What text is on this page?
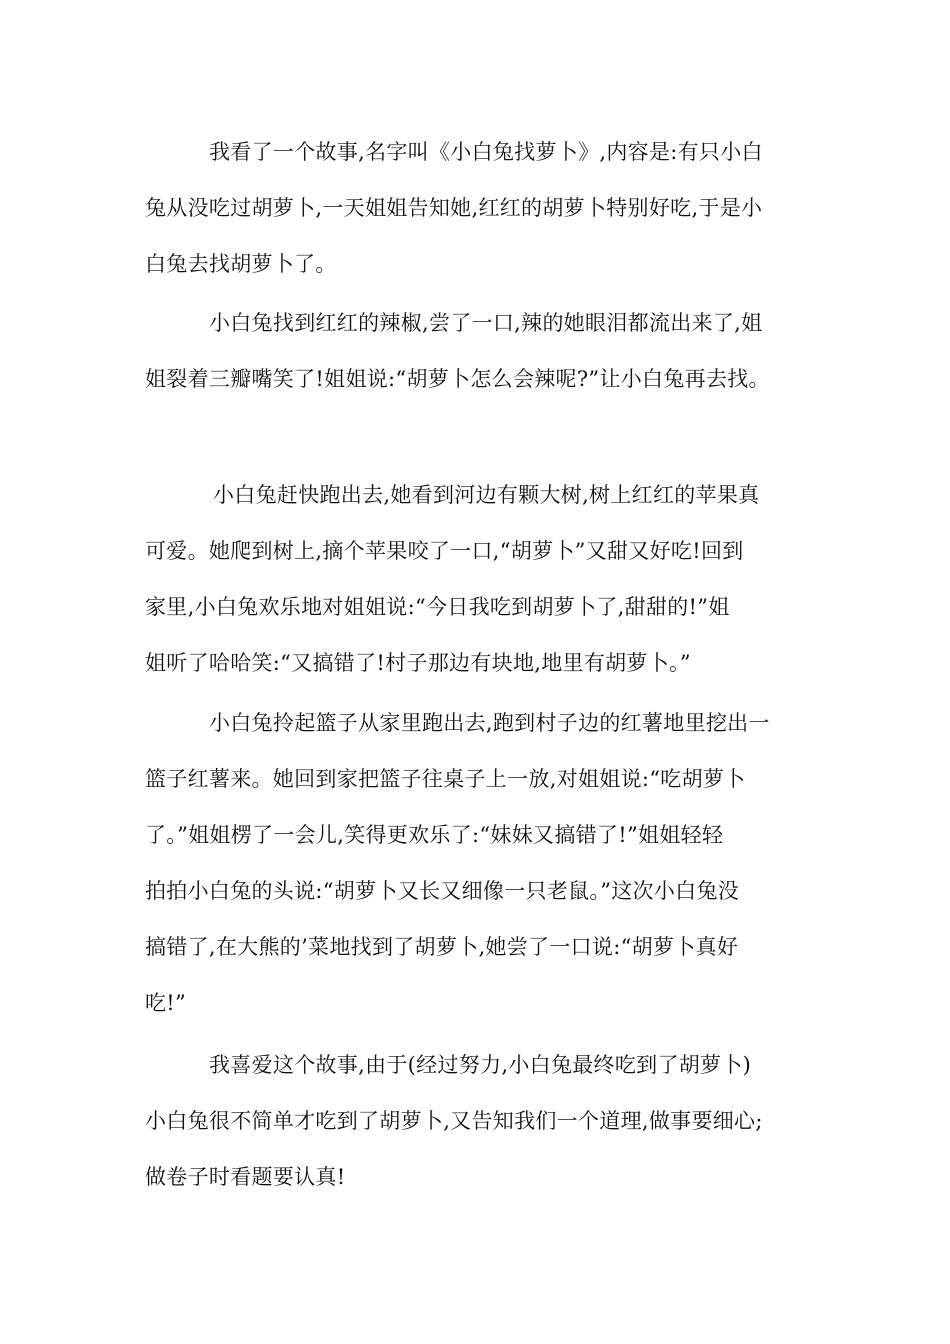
我看了一个故事,名字叫《小白兔找萝卜》,内容是:有只小白
兔从没吃过胡萝卜,一天姐姐告知她,红红的胡萝卜特别好吃,于是小
白兔去找胡萝卜了。

小白兔找到红红的辣椒,尝了一口,辣的她眼泪都流出来了,姐
姐裂着三瓣嘴笑了!姐姐说:“胡萝卜怎么会辣呢?”让小白兔再去找。

小白兔赶快跑出去,她看到河边有颗大树,树上红红的苹果真
可爱。她爬到树上,摘个苹果咬了一口,“胡萝卜”又甜又好吃!回到
家里,小白兔欢乐地对姐姐说:“今日我吃到胡萝卜了,甜甜的!”姐
姐听了哈哈笑:“又搞错了!村子那边有块地,地里有胡萝卜。”

小白兔拎起篮子从家里跑出去,跑到村子边的红薯地里挖出一
篮子红薯来。她回到家把篮子往桌子上一放,对姐姐说:“吃胡萝卜
了。”姐姐楞了一会儿,笑得更欢乐了:“妹妹又搞错了!”姐姐轻轻
拍拍小白兔的头说:“胡萝卜又长又细像一只老鼠。”这次小白兔没
搞错了,在大熊的’菜地找到了胡萝卜,她尝了一口说:“胡萝卜真好
吃!”

我喜爱这个故事,由于(经过努力,小白兔最终吃到了胡萝卜)
小白兔很不简单才吃到了胡萝卜,又告知我们一个道理,做事要细心;
做卷子时看题要认真!
